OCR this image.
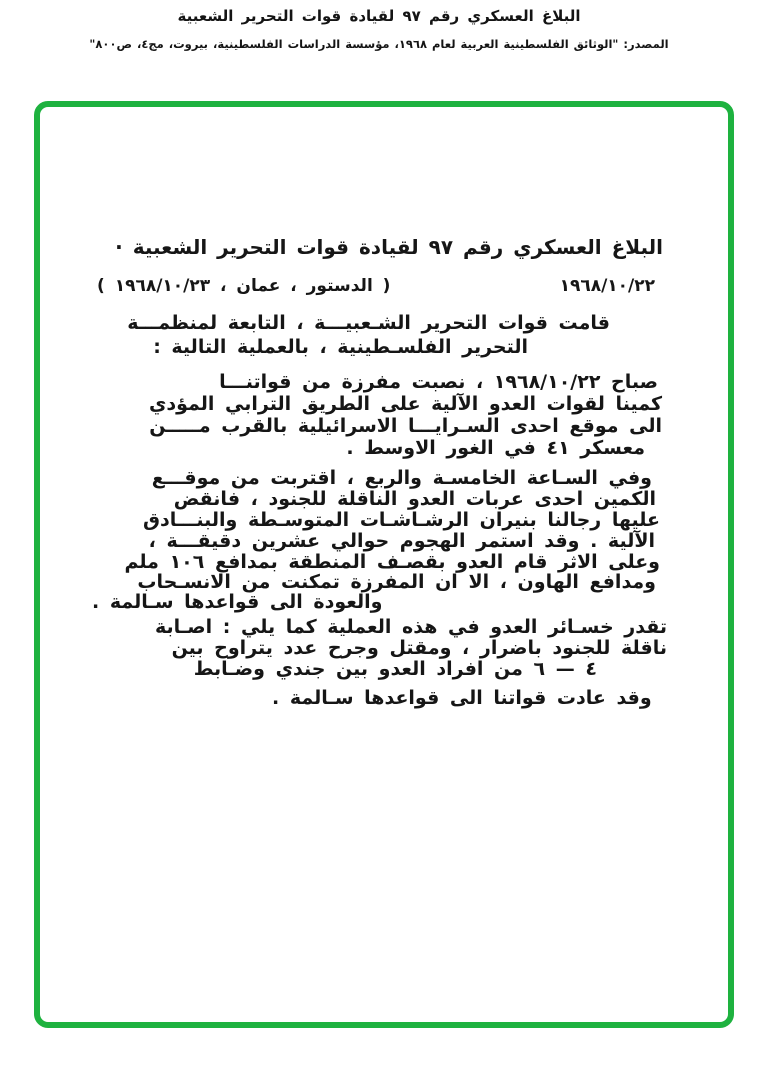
البلاغ العسكري رقم ٩٧ لقيادة قوات التحرير الشعبية
المصدر: "الوثائق الفلسطينية العربية لعام ١٩٦٨، مؤسسة الدراسات الفلسطينية، بيروت، مج٤، ص٨٠٠"
البلاغ العسكري رقم ٩٧ لقيادة قوات التحرير الشعبية ·
١٩٦٨/١٠/٢٢
( الدستور ، عمان ، ١٩٦٨/١٠/٢٣ )
قامت قوات التحرير الشـعبيـــة ، التابعة لمنظمـــة
التحرير الفلسـطينية ، بالعملية التالية :
صباح ١٩٦٨/١٠/٢٢ ، نصبت مفرزة من قواتنـــا
كمينا لقوات العدو الآلية على الطريق الترابي المؤدي
الى موقع احدى السـرايـــا الاسرائيلية بالقرب مـــــن
معسكر ٤١ في الغور الاوسط .
وفي السـاعة الخامسـة والربع ، اقتربت من موقـــع
الكمين احدى عربات العدو الناقلة للجنود ، فانقض
عليها رجالنا بنيران الرشـاشـات المتوسـطة والبنـــادق
الآلية . وقد استمر الهجوم حوالي عشرين دقيقـــة ،
وعلى الاثر قام العدو بقصـف المنطقة بمدافع ١٠٦ ملم
ومدافع الهاون ، الا ان المفرزة تمكنت من الانسـحاب
والعودة الى قواعدها سـالمة .
تقدر خسـائر العدو في هذه العملية كما يلي : اصـابة
ناقلة للجنود باضرار ، ومقتل وجرح عدد يتراوح بين
٤ — ٦ من افراد العدو بين جندي وضـابط
وقد عادت قواتنا الى قواعدها سـالمة .
